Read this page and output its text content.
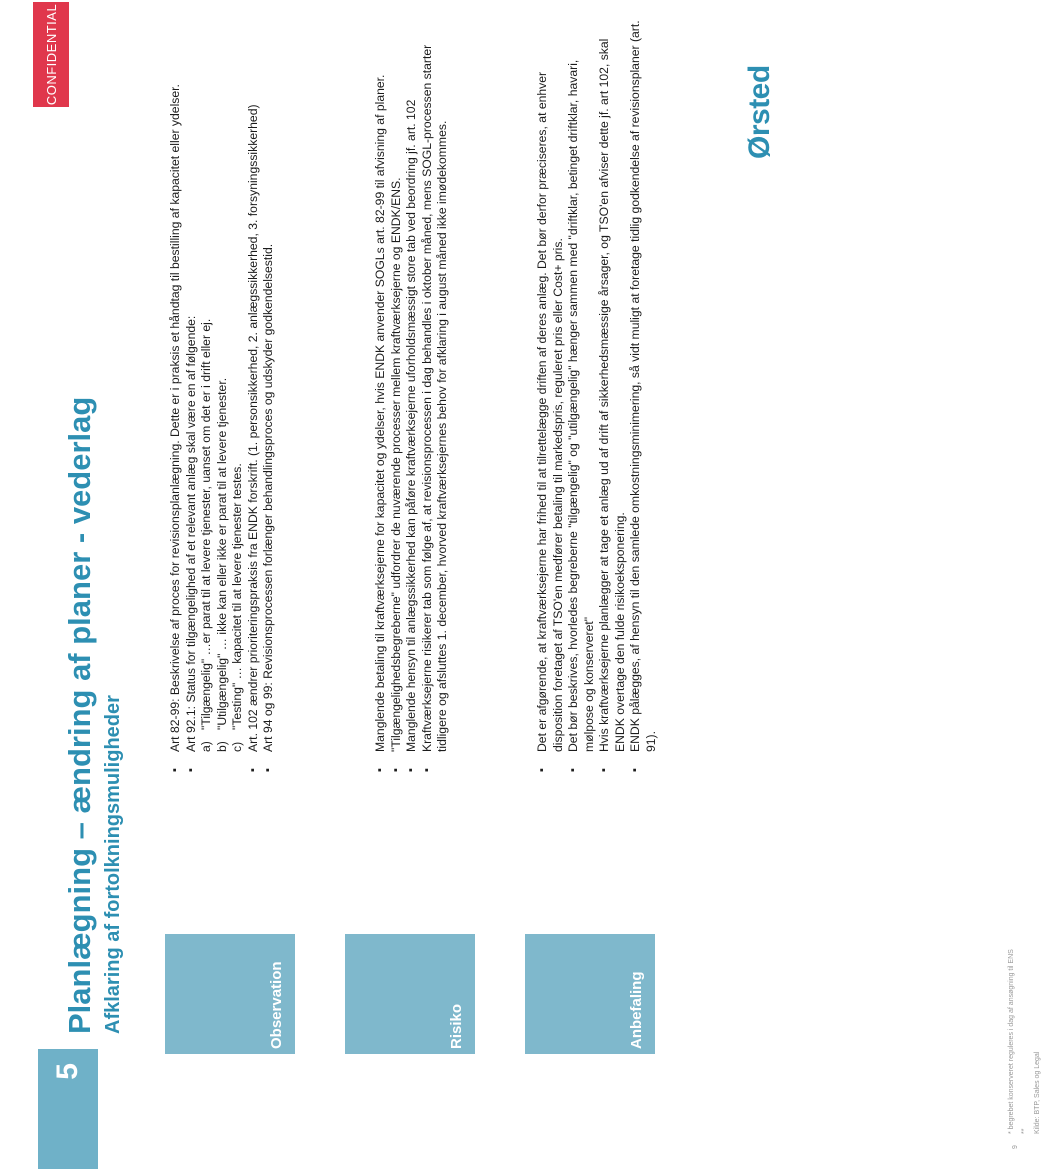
CONFIDENTIAL
5
Planlægning – ændring af planer - vederlag Afklaring af fortolkningsmuligheder	Observation
▪ Art 82-99: Beskrivelse af proces for revisionsplanlægning. Dette er i praksis et håndtag til bestilling af kapacitet eller ydelser. ▪ Art 92.1: Status for tilgængelighed af et relevant anlæg skal være en af følgende: a)
"Tilgængelig" …er parat til at levere tjenester, uanset om det er i drift eller ej.
b)
"Utilgængelig" … ikke kan eller ikke er parat til at levere tjenester.
c)
"Testing" … kapacitet til at levere tjenester testes. ▪ Art. 102 ændrer prioriteringspraksis fra ENDK forskrift. (1. personsikkerhed, 2. anlægssikkerhed, 3. forsyningssikkerhed) ▪ Art 94 og 99: Revisionsprocessen forlænger behandlingsproces og udskyder godkendelsestid.
Risiko
▪ Manglende betaling til kraftværksejerne for kapacitet og ydelser, hvis ENDK anvender SOGLs art. 82-99 til afvisning af planer. ▪ "Tilgængelighedsbegreberne" udfordrer de nuværende processer mellem kraftværksejerne og ENDK/ENS. ▪ Manglende hensyn til anlægssikkerhed kan påføre kraftværksejerne uforholdsmæssigt store tab ved beordring jf. art. 102 ▪ Kraftværksejerne risikerer tab som følge af, at revisionsprocessen i dag behandles i oktober måned, mens SOGL-processen starter tidligere og afsluttes 1. december, hvorved kraftværksejernes behov for afklaring i august måned ikke imødekommes.
Anbefaling
▪ Det er afgørende, at kraftværksejerne har frihed til at tilrettelægge driften af deres anlæg. Det bør derfor præciseres, at enhver disposition foretaget af TSO'en medfører betaling til markedspris, reguleret pris eller Cost+ pris. ▪ Det bør beskrives, hvorledes begreberne "tilgængelig" og "utilgængelig" hænger sammen med "driftklar, betinget driftklar, havari, mølpose og konserveret" ▪ Hvis kraftværksejerne planlægger at tage et anlæg ud af drift af sikkerhedsmæssige årsager, og TSO'en afviser dette jf. art 102, skal ENDK overtage den fulde risikoeksponering. ▪ ENDK pålægges, af hensyn til den samlede omkostningsminimering, så vidt muligt at foretage tidlig godkendelse af revisionsplaner (art. 91).
9
* begrebet konserveret reguleres i dag af ansøgning til ENS ** Kilde: BTP, Sales og Legal
Ørsted
